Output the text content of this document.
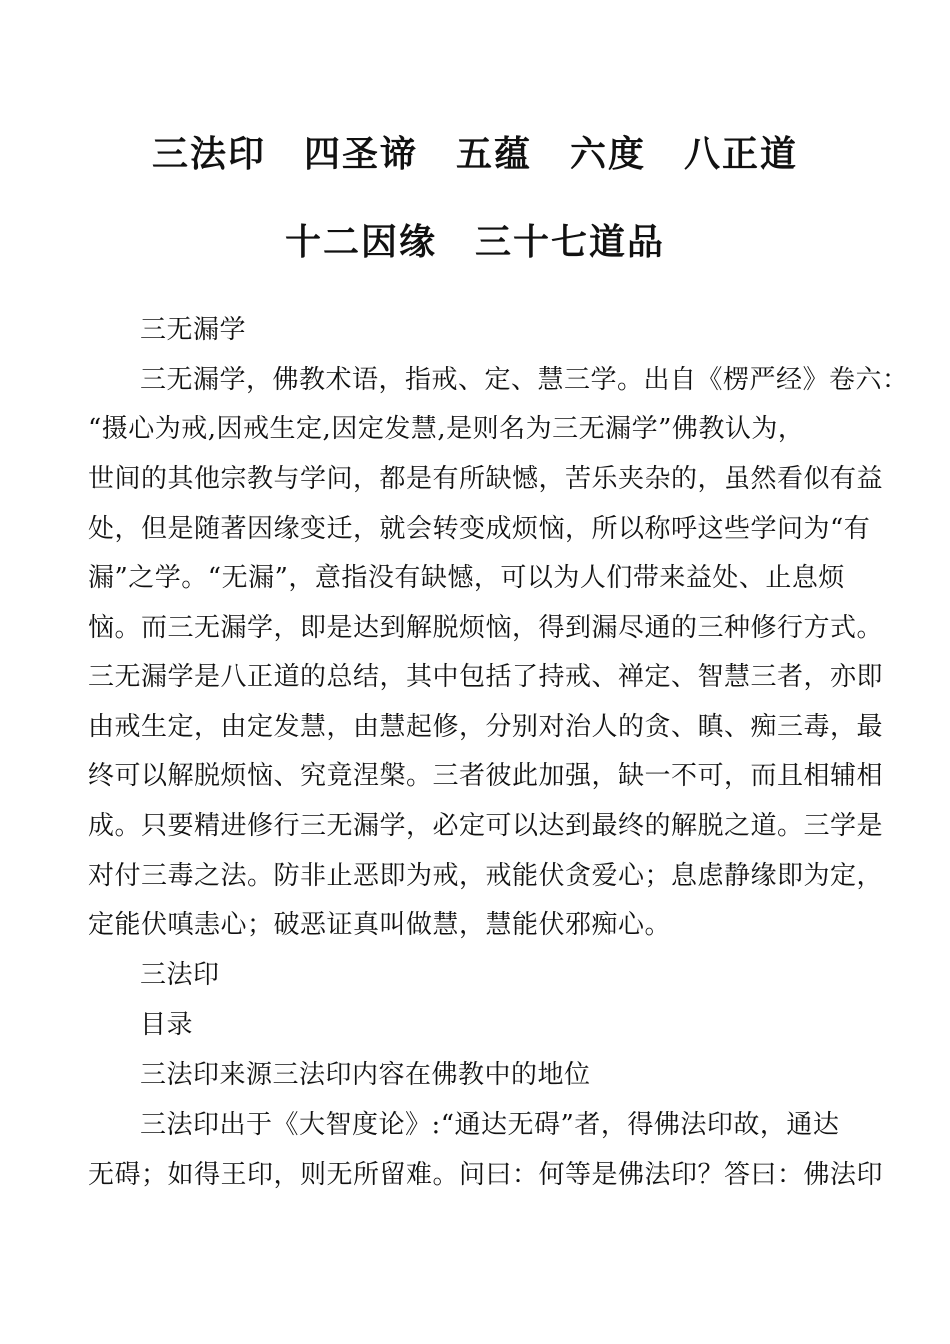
三法印　四圣谛　五蕴　六度　八正道
十二因缘　三十七道品
三无漏学
三无漏学，佛教术语，指戒、定、慧三学。出自《楞严经》卷六：
“摄心为戒,因戒生定,因定发慧,是则名为三无漏学”佛教认为，
世间的其他宗教与学问，都是有所缺憾，苦乐夹杂的，虽然看似有益
处，但是随著因缘变迁，就会转变成烦恼，所以称呼这些学问为“有
漏”之学。“无漏”，意指没有缺憾，可以为人们带来益处、止息烦
恼。而三无漏学，即是达到解脱烦恼，得到漏尽通的三种修行方式。
三无漏学是八正道的总结，其中包括了持戒、禅定、智慧三者，亦即
由戒生定，由定发慧，由慧起修，分别对治人的贪、瞋、痴三毒，最
终可以解脱烦恼、究竟涅槃。三者彼此加强，缺一不可，而且相辅相
成。只要精进修行三无漏学，必定可以达到最终的解脱之道。三学是
对付三毒之法。防非止恶即为戒，戒能伏贪爱心；息虑静缘即为定，
定能伏嗔恚心；破恶证真叫做慧，慧能伏邪痴心。
三法印
目录
三法印来源三法印内容在佛教中的地位
三法印出于《大智度论》:“通达无碍”者，得佛法印故，通达
无碍；如得王印，则无所留难。问曰：何等是佛法印？答曰：佛法印
